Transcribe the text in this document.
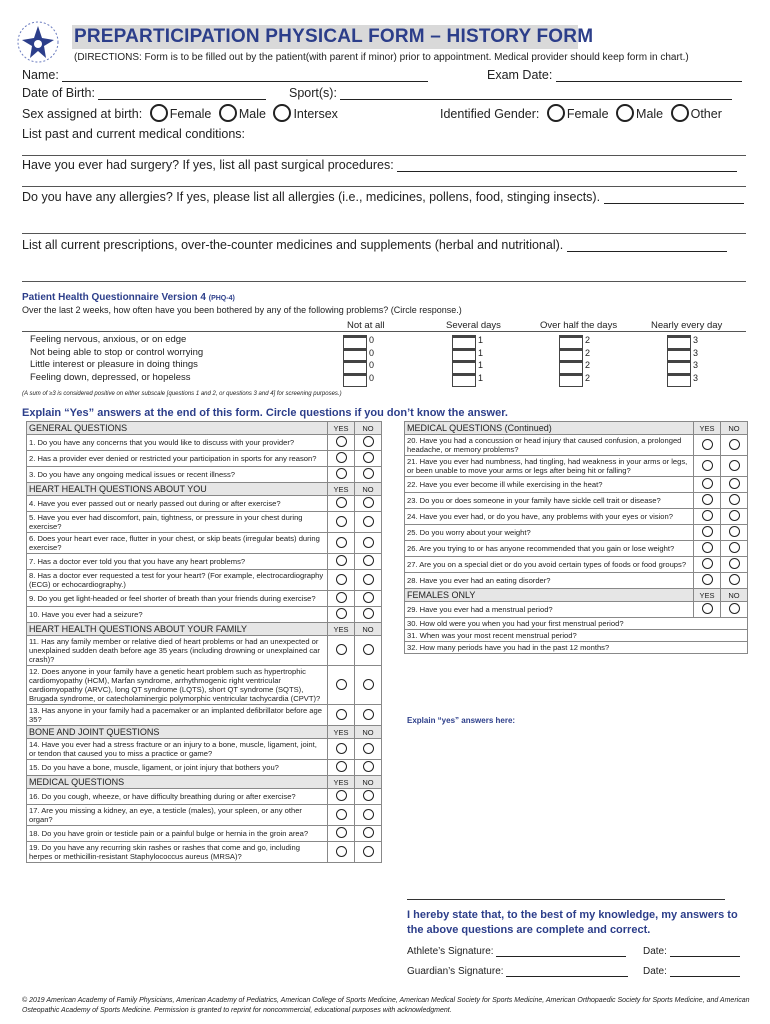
PREPARTICIPATION PHYSICAL FORM – HISTORY FORM
(DIRECTIONS: Form is to be filled out by the patient(with parent if minor) prior to appointment. Medical provider should keep form in chart.)
Name:	Exam Date:
Date of Birth:	Sport(s):
Sex assigned at birth: Female Male Intersex	Identified Gender: Female Male Other
List past and current medical conditions:
Have you ever had surgery? If yes, list all past surgical procedures:
Do you have any allergies? If yes, please list all allergies (i.e., medicines, pollens, food, stinging insects).
List all current prescriptions, over-the-counter medicines and supplements (herbal and nutritional).
Patient Health Questionnaire Version 4 (PHQ-4)
Over the last 2 weeks, how often have you been bothered by any of the following problems? (Circle response.)
Not at all	Several days	Over half the days	Nearly every day
Feeling nervous, anxious, or on edge	0	1	2	3
Not being able to stop or control worrying	0	1	2	3
Little interest or pleasure in doing things	0	1	2	3
Feeling down, depressed, or hopeless	0	1	2	3
(A sum of ≥3 is considered positive on either subscale [questions 1 and 2, or questions 3 and 4] for screening purposes.)
Explain “Yes” answers at the end of this form. Circle questions if you don’t know the answer.
GENERAL QUESTIONS	YES	NO
1. Do you have any concerns that you would like to discuss with your provider?		
2. Has a provider ever denied or restricted your participation in sports for any reason?		
3. Do you have any ongoing medical issues or recent illness?		
HEART HEALTH QUESTIONS ABOUT YOU	YES	NO
4. Have you ever passed out or nearly passed out during or after exercise?		
5. Have you ever had discomfort, pain, tightness, or pressure in your chest during exercise?		
6. Does your heart ever race, flutter in your chest, or skip beats (irregular beats) during exercise?		
7. Has a doctor ever told you that you have any heart problems?		
8. Has a doctor ever requested a test for your heart? (For example, electrocardiography (ECG) or echocardiography.)		
9. Do you get light-headed or feel shorter of breath than your friends during exercise?		
10. Have you ever had a seizure?		
HEART HEALTH QUESTIONS ABOUT YOUR FAMILY	YES	NO
11. Has any family member or relative died of heart problems or had an unexpected or unexplained sudden death before age 35 years (including drowning or unexplained car crash)?		
12. Does anyone in your family have a genetic heart problem such as hypertrophic cardiomyopathy (HCM), Marfan syndrome, arrhythmogenic right ventricular cardiomyopathy (ARVC), long QT syndrome (LQTS), short QT syndrome (SQTS), Brugada syndrome, or catecholaminergic polymorphic ventricular tachycardia (CPVT)?		
13. Has anyone in your family had a pacemaker or an implanted defibrillator before age 35?		
BONE AND JOINT QUESTIONS	YES	NO
14. Have you ever had a stress fracture or an injury to a bone, muscle, ligament, joint, or tendon that caused you to miss a practice or game?		
15. Do you have a bone, muscle, ligament, or joint injury that bothers you?		
MEDICAL QUESTIONS	YES	NO
16. Do you cough, wheeze, or have difficulty breathing during or after exercise?		
17. Are you missing a kidney, an eye, a testicle (males), your spleen, or any other organ?		
18. Do you have groin or testicle pain or a painful bulge or hernia in the groin area?		
19. Do you have any recurring skin rashes or rashes that come and go, including herpes or methicillin-resistant Staphylococcus aureus (MRSA)?		
MEDICAL QUESTIONS (Continued)	YES	NO
20. Have you had a concussion or head injury that caused confusion, a prolonged headache, or memory problems?		
21. Have you ever had numbness, had tingling, had weakness in your arms or legs, or been unable to move your arms or legs after being hit or falling?		
22. Have you ever become ill while exercising in the heat?		
23. Do you or does someone in your family have sickle cell trait or disease?		
24. Have you ever had, or do you have, any problems with your eyes or vision?		
25. Do you worry about your weight?		
26. Are you trying to or has anyone recommended that you gain or lose weight?		
27. Are you on a special diet or do you avoid certain types of foods or food groups?		
28. Have you ever had an eating disorder?		
FEMALES ONLY	YES	NO
29. Have you ever had a menstrual period?		
30. How old were you when you had your first menstrual period?		
31. When was your most recent menstrual period?		
32. How many periods have you had in the past 12 months?		
Explain “yes” answers here:
I hereby state that, to the best of my knowledge, my answers to the above questions are complete and correct.
Athlete’s Signature:	Date:
Guardian’s Signature:	Date:
© 2019 American Academy of Family Physicians, American Academy of Pediatrics, American College of Sports Medicine, American Medical Society for Sports Medicine, American Orthopaedic Society for Sports Medicine, and American Osteopathic Academy of Sports Medicine. Permission is granted to reprint for noncommercial, educational purposes with acknowledgment.
